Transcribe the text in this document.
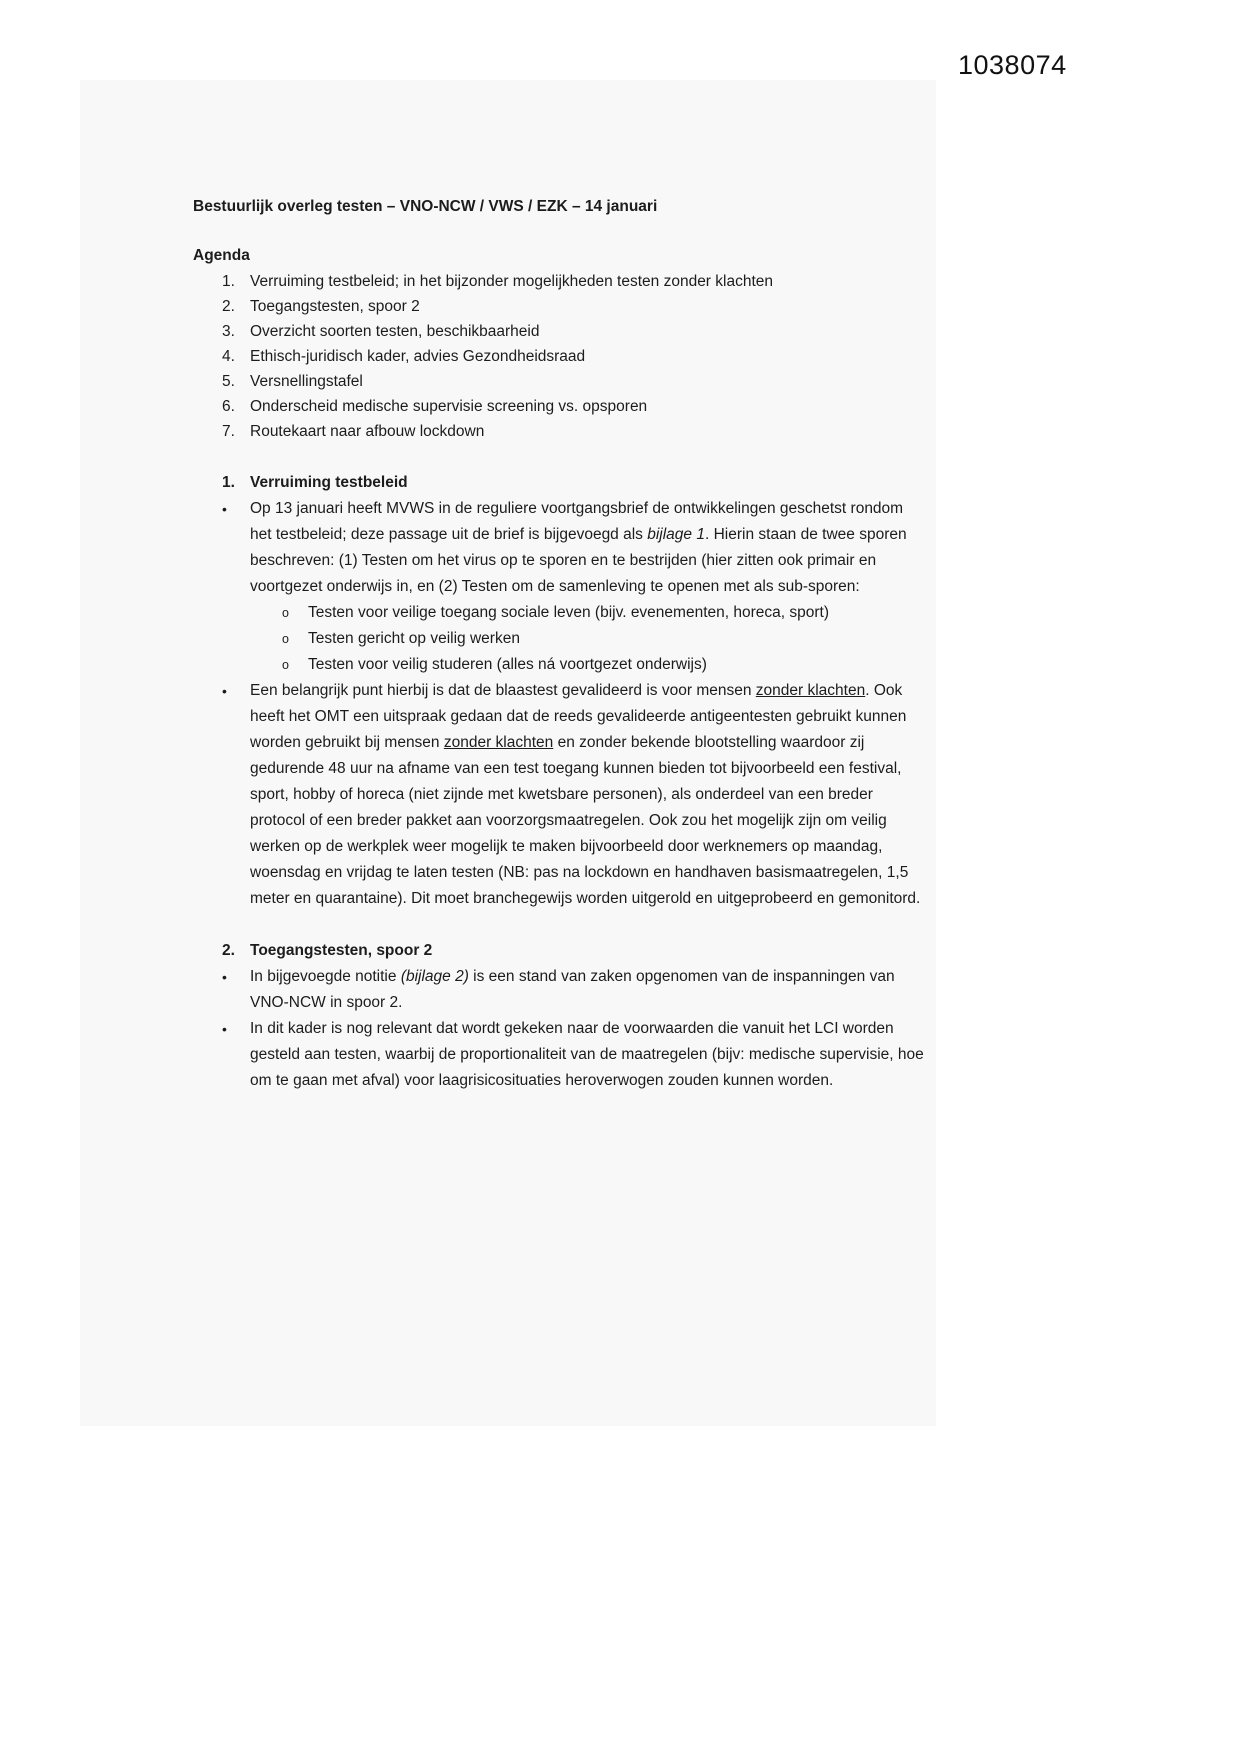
1038074
Bestuurlijk overleg testen – VNO-NCW / VWS / EZK – 14 januari
Agenda
1. Verruiming testbeleid; in het bijzonder mogelijkheden testen zonder klachten
2. Toegangstesten, spoor 2
3. Overzicht soorten testen, beschikbaarheid
4. Ethisch-juridisch kader, advies Gezondheidsraad
5. Versnellingstafel
6. Onderscheid medische supervisie screening vs. opsporen
7. Routekaart naar afbouw lockdown
1. Verruiming testbeleid
•	Op 13 januari heeft MVWS in de reguliere voortgangsbrief de ontwikkelingen geschetst rondom het testbeleid; deze passage uit de brief is bijgevoegd als bijlage 1. Hierin staan de twee sporen beschreven: (1) Testen om het virus op te sporen en te bestrijden (hier zitten ook primair en voortgezet onderwijs in, en (2) Testen om de samenleving te openen met als sub-sporen:
o	Testen voor veilige toegang sociale leven (bijv. evenementen, horeca, sport)
o	Testen gericht op veilig werken
o	Testen voor veilig studeren (alles ná voortgezet onderwijs)
•	Een belangrijk punt hierbij is dat de blaastest gevalideerd is voor mensen zonder klachten. Ook heeft het OMT een uitspraak gedaan dat de reeds gevalideerde antigeentesten gebruikt kunnen worden gebruikt bij mensen zonder klachten en zonder bekende blootstelling waardoor zij gedurende 48 uur na afname van een test toegang kunnen bieden tot bijvoorbeeld een festival, sport, hobby of horeca (niet zijnde met kwetsbare personen), als onderdeel van een breder protocol of een breder pakket aan voorzorgsmaatregelen. Ook zou het mogelijk zijn om veilig werken op de werkplek weer mogelijk te maken bijvoorbeeld door werknemers op maandag, woensdag en vrijdag te laten testen (NB: pas na lockdown en handhaven basismaatregelen, 1,5 meter en quarantaine). Dit moet branchegewijs worden uitgerold en uitgeprobeerd en gemonitord.
2. Toegangstesten, spoor 2
•	In bijgevoegde notitie (bijlage 2) is een stand van zaken opgenomen van de inspanningen van VNO-NCW in spoor 2.
•	In dit kader is nog relevant dat wordt gekeken naar de voorwaarden die vanuit het LCI worden gesteld aan testen, waarbij de proportionaliteit van de maatregelen (bijv: medische supervisie, hoe om te gaan met afval) voor laagrisicosituaties heroverwogen zouden kunnen worden.
